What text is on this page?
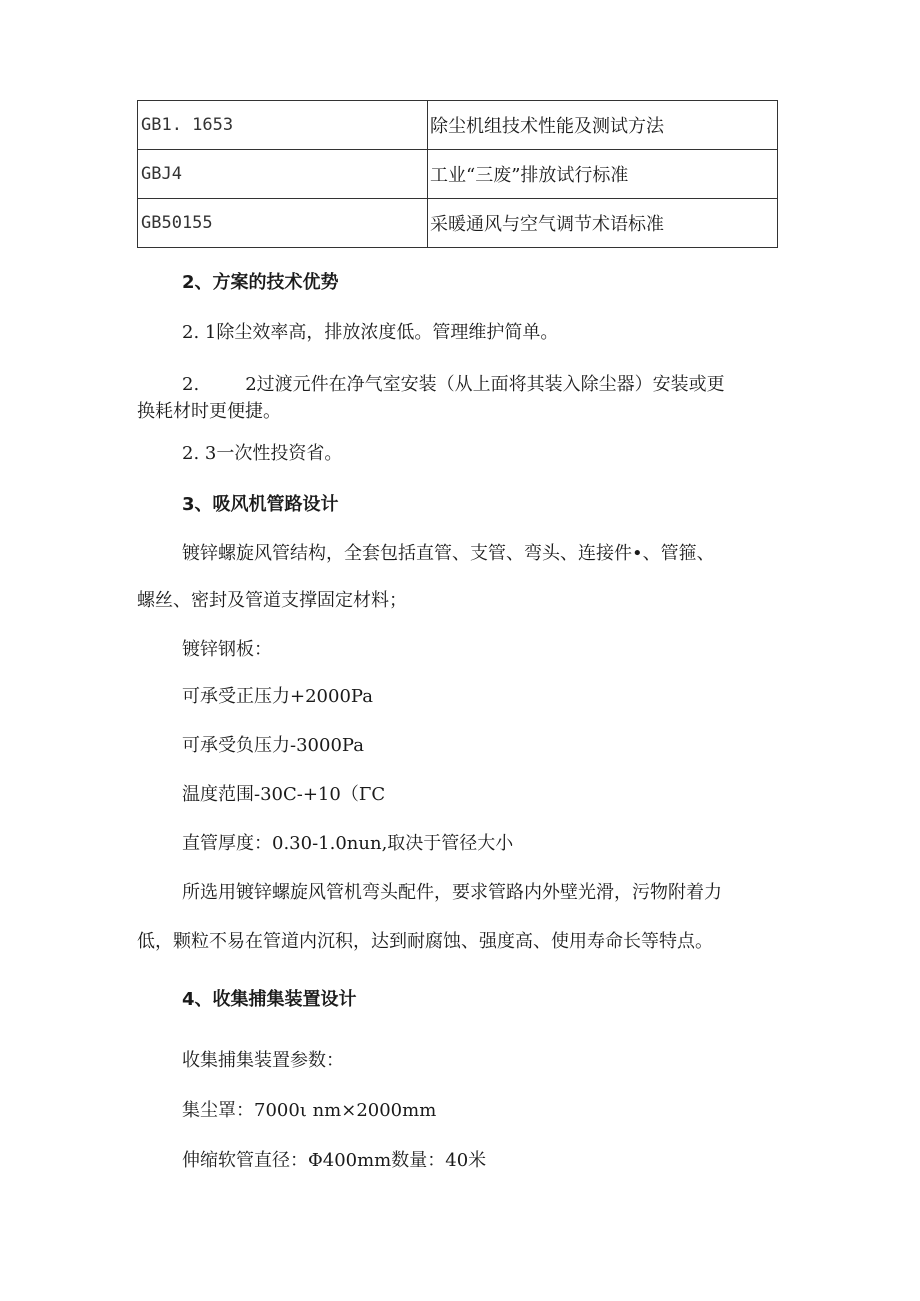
GB1. 1653	除尘机组技术性能及测试方法
GBJ4	工业“三废”排放试行标准
GB50155	采暖通风与空气调节术语标准
2、方案的技术优势
2. 1除尘效率高，排放浓度低。管理维护简单。
2.	2过渡元件在净气室安装（从上面将其装入除尘器）安装或更
换耗材时更便捷。
2. 3一次性投资省。
3、吸风机管路设计
镀锌螺旋风管结构，全套包括直管、支管、弯头、连接件•、管箍、
螺丝、密封及管道支撑固定材料；
镀锌钢板：
可承受正压力+2000Pa
可承受负压力-3000Pa
温度范围-30C-+10（ΓC
直管厚度：0.30-1.0nun,取决于管径大小
所选用镀锌螺旋风管机弯头配件，要求管路内外壁光滑，污物附着力
低，颗粒不易在管道内沉积，达到耐腐蚀、强度高、使用寿命长等特点。
4、收集捕集装置设计
收集捕集装置参数：
集尘罩：7000ι nm×2000mm
伸缩软管直径：Φ400mm数量：40米
